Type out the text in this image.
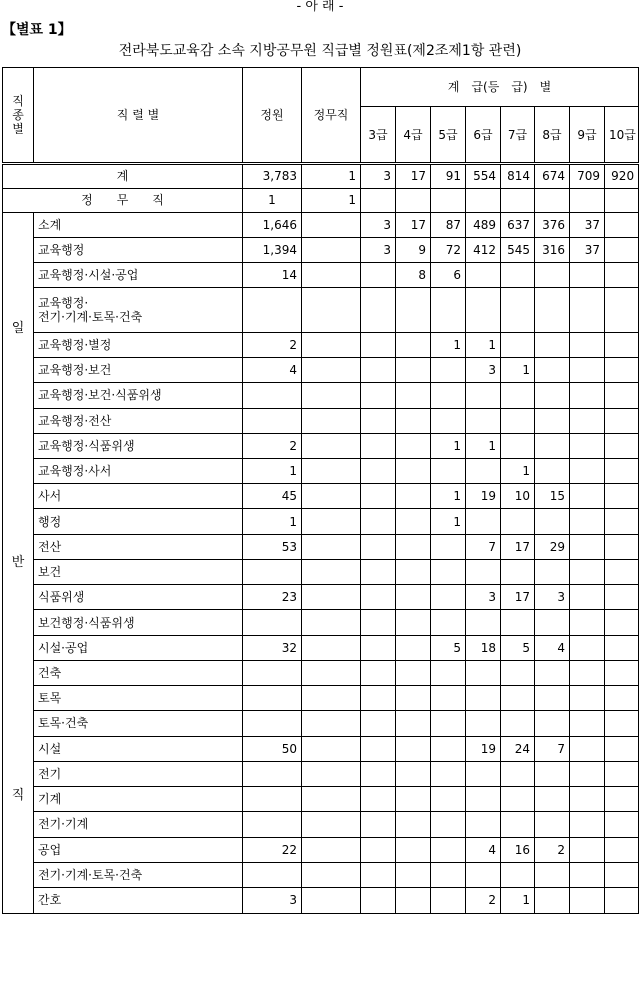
- 아 래 -
【별표 1】
전라북도교육감 소속 지방공무원 직급별 정원표(제2조제1항 관련)
직종별	직 렬 별	정원	정무직	계　급(등　급)　별							
				3급	4급	5급	6급	7급	8급	9급	10급
계		3,783	1	3	17	91	554	814	674	709	920
정　　무　　직		1	1								

일
반
직	소계	1,646		3	17	87	489	637	376	37	

	교육행정	1,394		3	9	72	412	545	316	37	

	교육행정·시설·공업	14			8	6					

	교육행정·
전기·기계·토목·건축										

	교육행정·별정	2				1	1				

	교육행정·보건	4					3	1			

	교육행정·보건·식품위생										

	교육행정·전산										

	교육행정·식품위생	2				1	1				

	교육행정·사서	1						1			

	사서	45				1	19	10	15		

	행정	1				1					

	전산	53					7	17	29		

	보건										

	식품위생	23					3	17	3		

	보건행정·식품위생										

	시설·공업	32				5	18	5	4		

	건축										

	토목										

	토목·건축										

	시설	50					19	24	7		

	전기										

	기계										

	전기·기계										

	공업	22					4	16	2		

	전기·기계·토목·건축										

	간호	3					2	1			
